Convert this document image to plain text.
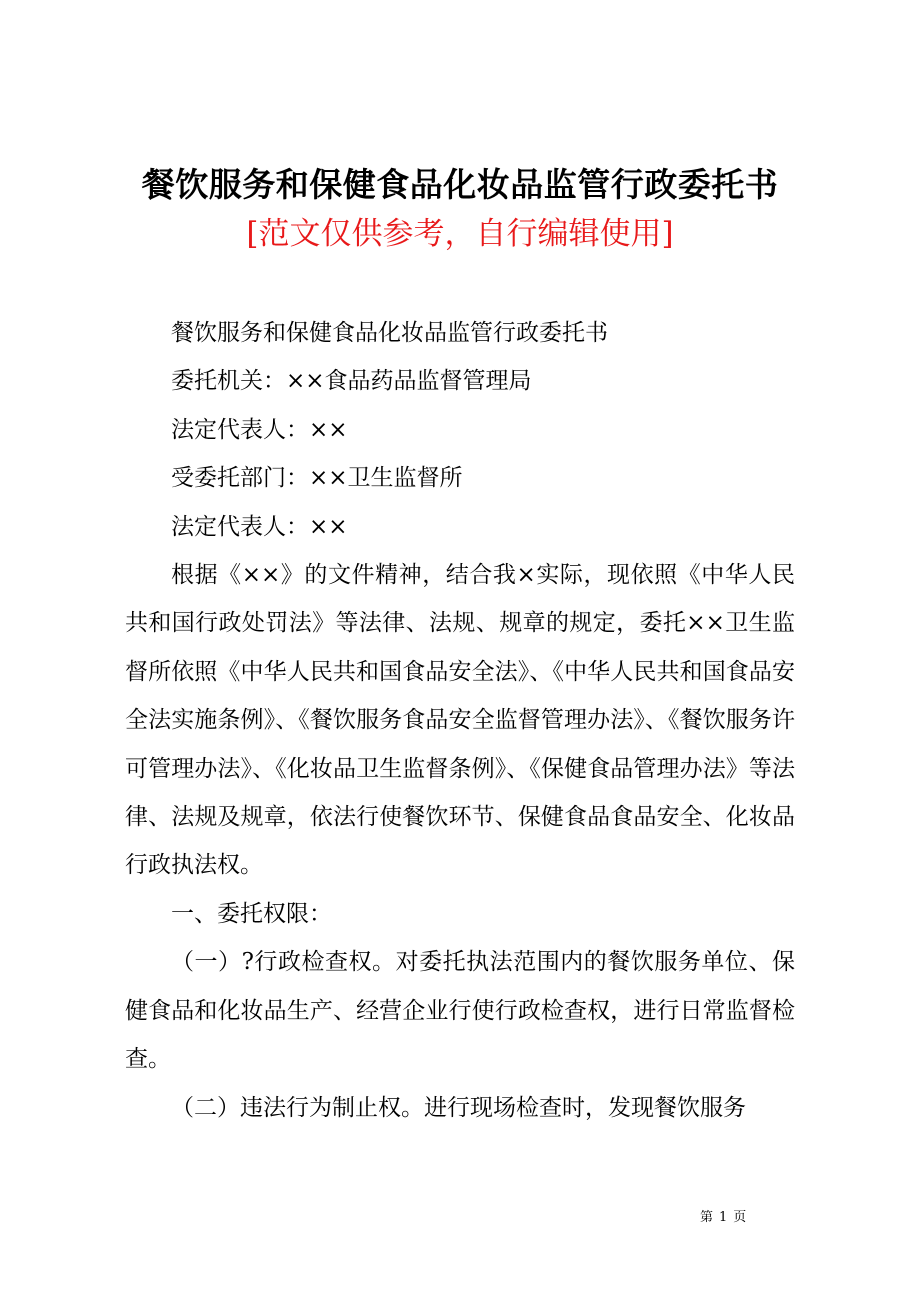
餐饮服务和保健食品化妆品监管行政委托书
[范文仅供参考，自行编辑使用]

餐饮服务和保健食品化妆品监管行政委托书

委托机关：××食品药品监督管理局

法定代表人：××

受委托部门：××卫生监督所

法定代表人：××

根据《××》的文件精神，结合我×实际，现依照《中华人民共和国行政处罚法》等法律、法规、规章的规定，委托××卫生监督所依照《中华人民共和国食品安全法》、《中华人民共和国食品安全法实施条例》、《餐饮服务食品安全监督管理办法》、《餐饮服务许可管理办法》、《化妆品卫生监督条例》、《保健食品管理办法》等法律、法规及规章，依法行使餐饮环节、保健食品食品安全、化妆品行政执法权。

一、委托权限：

（一）?行政检查权。对委托执法范围内的餐饮服务单位、保健食品和化妆品生产、经营企业行使行政检查权，进行日常监督检查。

（二）违法行为制止权。进行现场检查时，发现餐饮服务

第 1 页
